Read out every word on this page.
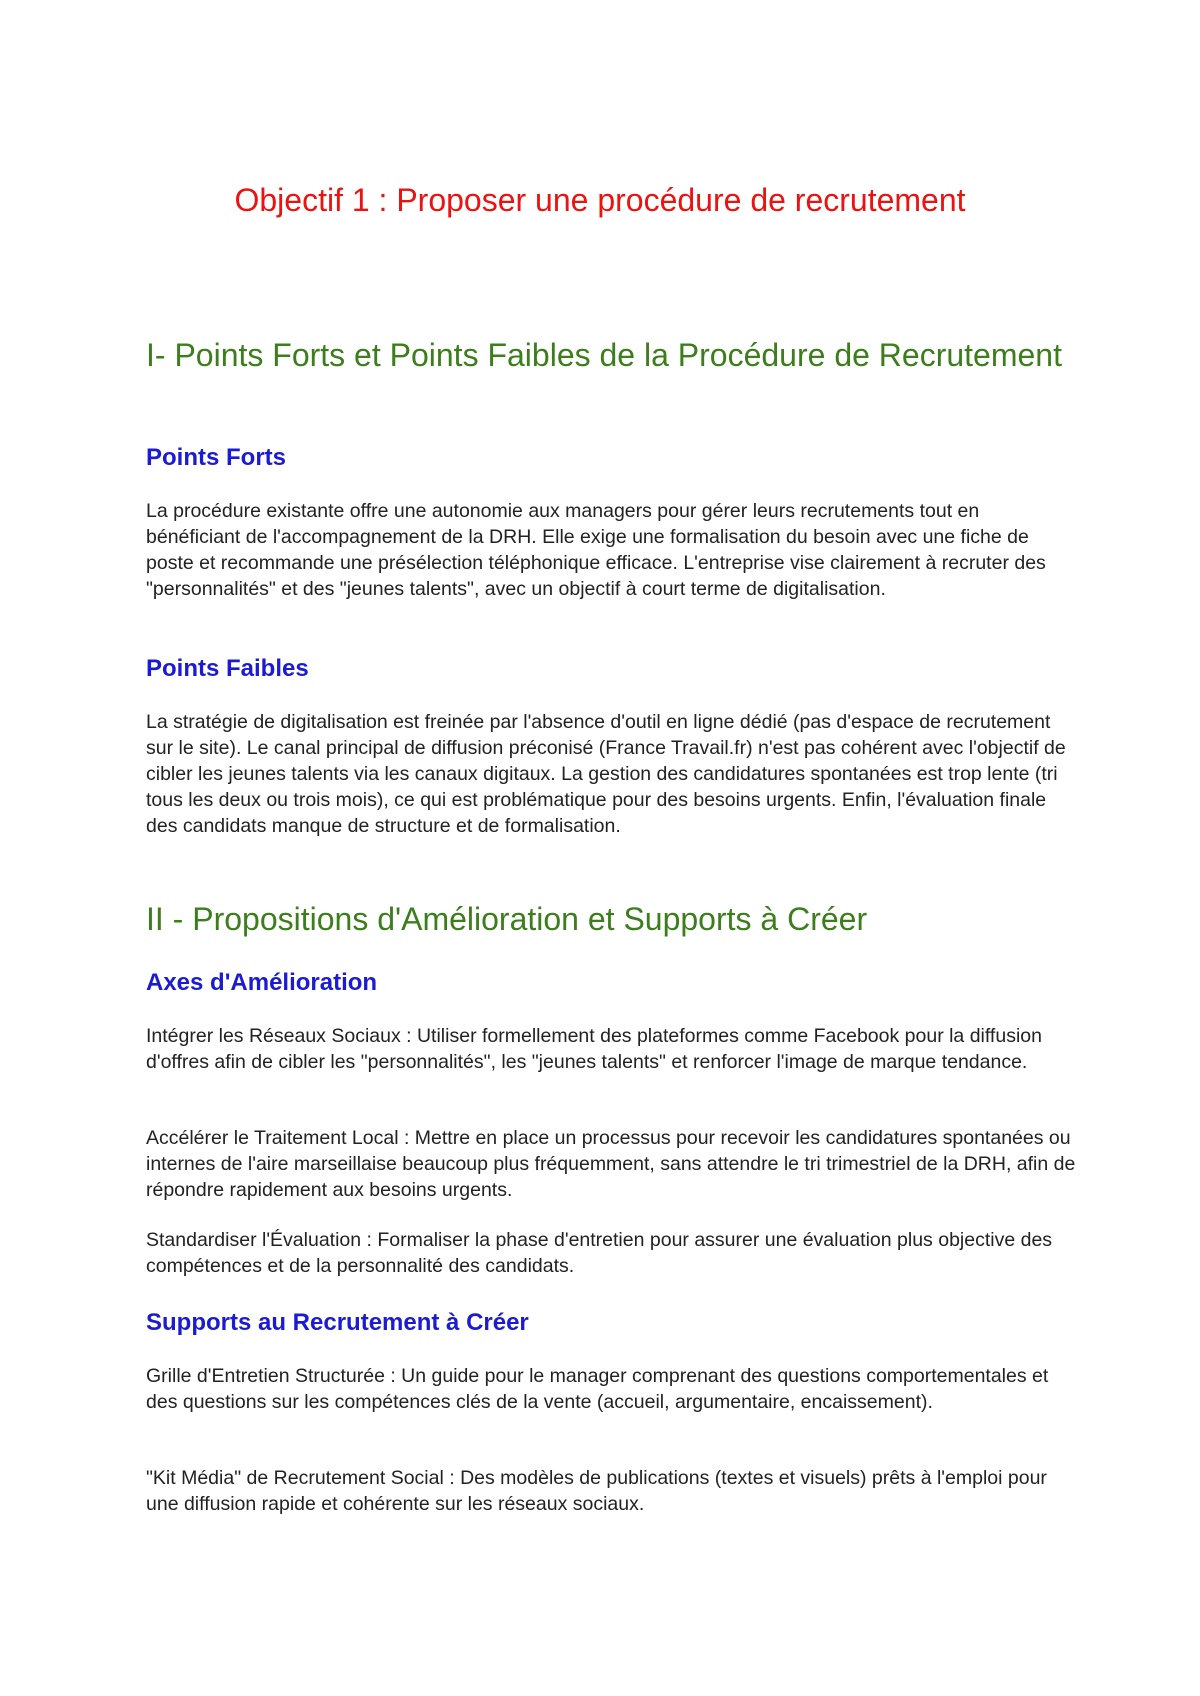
Objectif 1 : Proposer une procédure de recrutement
I- Points Forts et Points Faibles de la Procédure de Recrutement
Points Forts

La procédure existante offre une autonomie aux managers pour gérer leurs recrutements tout en bénéficiant de l'accompagnement de la DRH. Elle exige une formalisation du besoin avec une fiche de poste et recommande une présélection téléphonique efficace. L'entreprise vise clairement à recruter des "personnalités" et des "jeunes talents", avec un objectif à court terme de digitalisation.

Points Faibles

La stratégie de digitalisation est freinée par l'absence d'outil en ligne dédié (pas d'espace de recrutement sur le site). Le canal principal de diffusion préconisé (France Travail.fr) n'est pas cohérent avec l'objectif de cibler les jeunes talents via les canaux digitaux. La gestion des candidatures spontanées est trop lente (tri tous les deux ou trois mois), ce qui est problématique pour des besoins urgents. Enfin, l'évaluation finale des candidats manque de structure et de formalisation.

II - Propositions d'Amélioration et Supports à Créer
Axes d'Amélioration

Intégrer les Réseaux Sociaux : Utiliser formellement des plateformes comme Facebook pour la diffusion d'offres afin de cibler les "personnalités", les "jeunes talents" et renforcer l'image de marque tendance.

Accélérer le Traitement Local : Mettre en place un processus pour recevoir les candidatures spontanées ou internes de l'aire marseillaise beaucoup plus fréquemment, sans attendre le tri trimestriel de la DRH, afin de répondre rapidement aux besoins urgents.

Standardiser l'Évaluation : Formaliser la phase d'entretien pour assurer une évaluation plus objective des compétences et de la personnalité des candidats.

Supports au Recrutement à Créer

Grille d'Entretien Structurée : Un guide pour le manager comprenant des questions comportementales et des questions sur les compétences clés de la vente (accueil, argumentaire, encaissement).

"Kit Média" de Recrutement Social : Des modèles de publications (textes et visuels) prêts à l'emploi pour une diffusion rapide et cohérente sur les réseaux sociaux.
